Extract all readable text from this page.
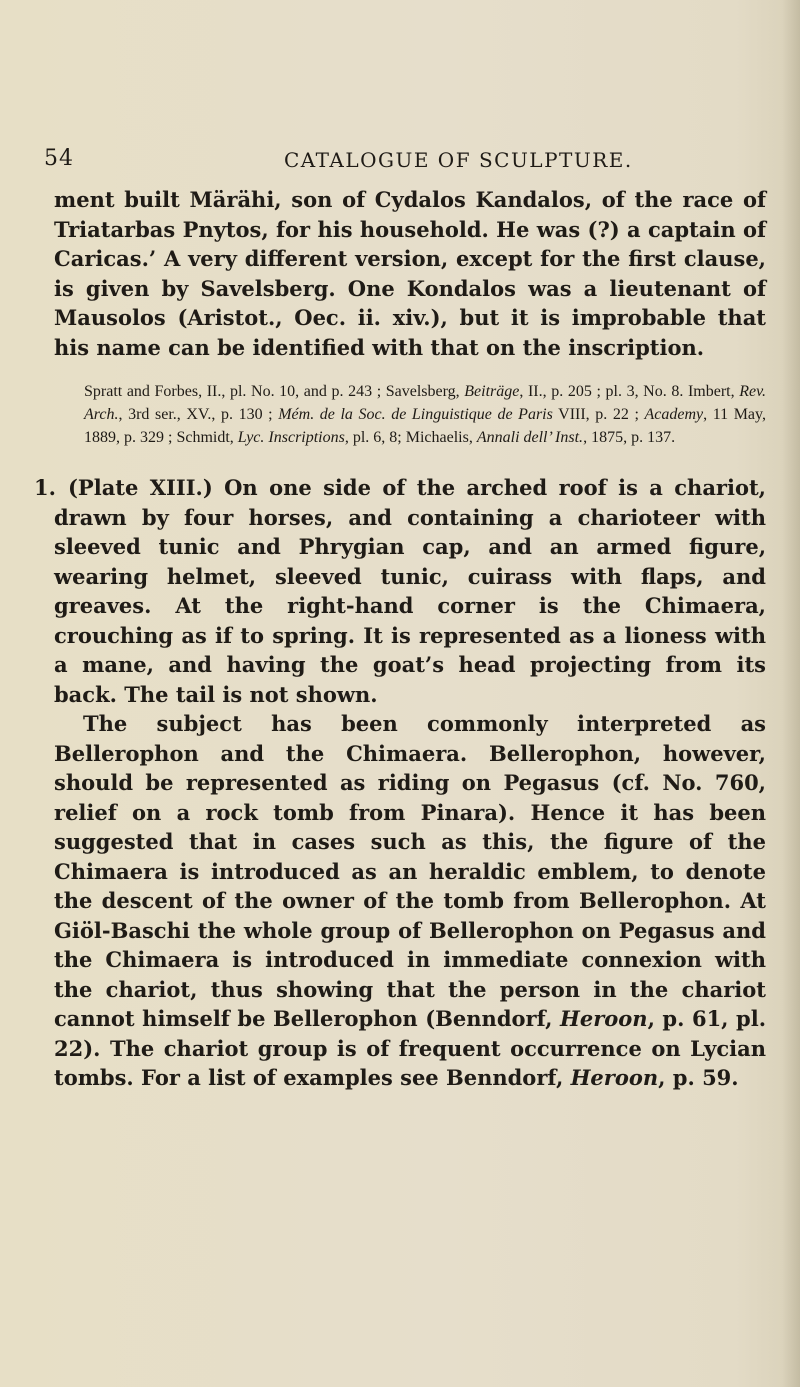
54	CATALOGUE OF SCULPTURE.

ment built Märähi, son of Cydalos Kandalos, of the race of Triatarbas Pnytos, for his household. He was (?) a captain of Caricas.’ A very different version, except for the first clause, is given by Savelsberg. One Kondalos was a lieutenant of Mausolos (Aristot., Oec. ii. xiv.), but it is improbable that his name can be identified with that on the inscription.

Spratt and Forbes, II., pl. No. 10, and p. 243 ; Savelsberg, Beiträge, II., p. 205 ; pl. 3, No. 8. Imbert, Rev. Arch., 3rd ser., XV., p. 130 ; Mém. de la Soc. de Linguistique de Paris VIII, p. 22 ; Academy, 11 May, 1889, p. 329 ; Schmidt, Lyc. Inscriptions, pl. 6, 8; Michaelis, Annali dell’ Inst., 1875, p. 137.

1. (Plate XIII.) On one side of the arched roof is a chariot, drawn by four horses, and containing a charioteer with sleeved tunic and Phrygian cap, and an armed figure, wearing helmet, sleeved tunic, cuirass with flaps, and greaves. At the right-hand corner is the Chimaera, crouching as if to spring. It is represented as a lioness with a mane, and having the goat’s head projecting from its back. The tail is not shown.

The subject has been commonly interpreted as Bellerophon and the Chimaera. Bellerophon, however, should be represented as riding on Pegasus (cf. No. 760, relief on a rock tomb from Pinara). Hence it has been suggested that in cases such as this, the figure of the Chimaera is introduced as an heraldic emblem, to denote the descent of the owner of the tomb from Bellerophon. At Giöl-Baschi the whole group of Bellerophon on Pegasus and the Chimaera is introduced in immediate connexion with the chariot, thus showing that the person in the chariot cannot himself be Bellerophon (Benndorf, Heroon, p. 61, pl. 22). The chariot group is of frequent occurrence on Lycian tombs. For a list of examples see Benndorf, Heroon, p. 59.
